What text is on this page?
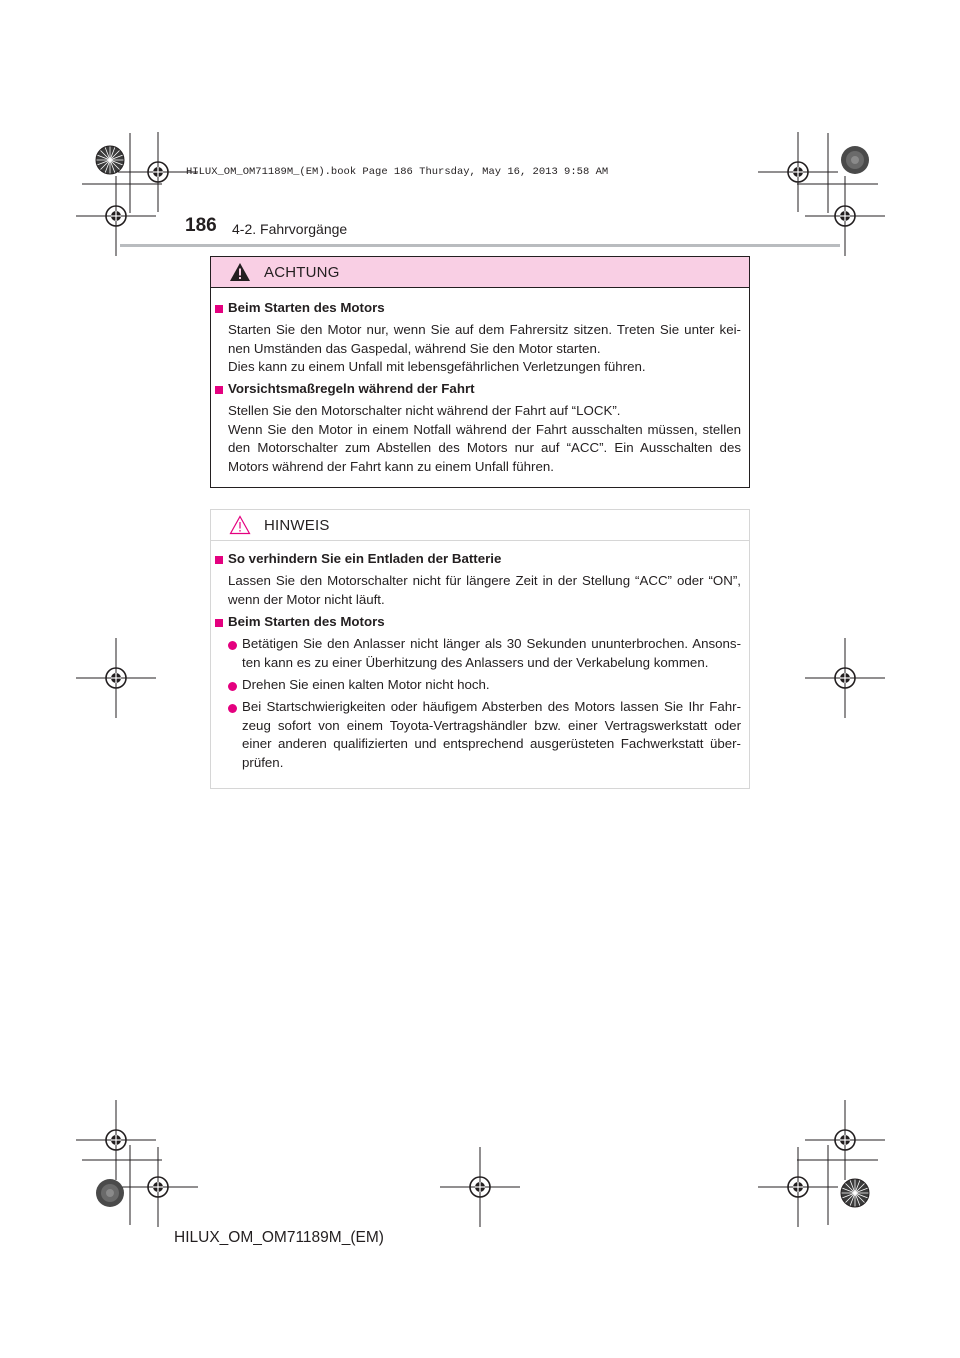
HILUX_OM_OM71189M_(EM).book Page 186 Thursday, May 16, 2013 9:58 AM
186 4-2. Fahrvorgänge
ACHTUNG
Beim Starten des Motors
Starten Sie den Motor nur, wenn Sie auf dem Fahrersitz sitzen. Treten Sie unter kei-
nen Umständen das Gaspedal, während Sie den Motor starten.
Dies kann zu einem Unfall mit lebensgefährlichen Verletzungen führen.
Vorsichtsmaßregeln während der Fahrt
Stellen Sie den Motorschalter nicht während der Fahrt auf “LOCK”.
Wenn Sie den Motor in einem Notfall während der Fahrt ausschalten müssen, stellen
den Motorschalter zum Abstellen des Motors nur auf “ACC”. Ein Ausschalten des
Motors während der Fahrt kann zu einem Unfall führen.
HINWEIS
So verhindern Sie ein Entladen der Batterie
Lassen Sie den Motorschalter nicht für längere Zeit in der Stellung “ACC” oder “ON”,
wenn der Motor nicht läuft.
Beim Starten des Motors
Betätigen Sie den Anlasser nicht länger als 30 Sekunden ununterbrochen. Ansons-
ten kann es zu einer Überhitzung des Anlassers und der Verkabelung kommen.
Drehen Sie einen kalten Motor nicht hoch.
Bei Startschwierigkeiten oder häufigem Absterben des Motors lassen Sie Ihr Fahr-
zeug sofort von einem Toyota-Vertragshändler bzw. einer Vertragswerkstatt oder
einer anderen qualifizierten und entsprechend ausgerüsteten Fachwerkstatt über-
prüfen.
HILUX_OM_OM71189M_(EM)
